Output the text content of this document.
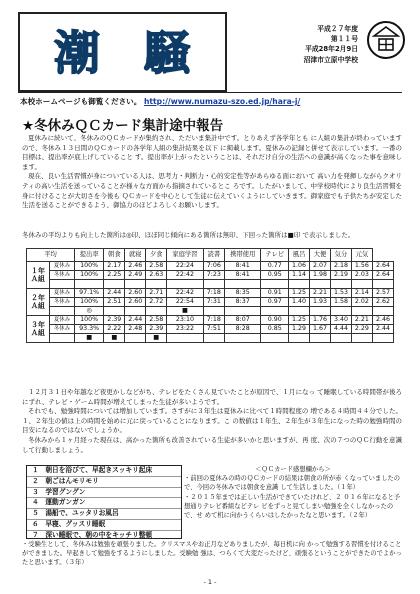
潮 騒	平成２７年度
第１１号
平成28年2月9日
沼津市立原中学校
本校ホームページも御覧ください。 http://www.numazu-szo.ed.jp/hara-j/
★冬休みＱＣカード集計途中報告

夏休みに続いて、冬休みのＱＣカードが集約され、ただいま集計中です。とりあえず各学年とも に人組の集計が終わっていますので、冬休み１３日間のＱＣカードの各学年人組の集計結果を以下 に掲載します。夏休みの記録と併せて表示しています。一番の目標は、提出率が底上げしていること す。提出率が上がったということは、それだけ自分の生活への意識が高くなった事を意味します。

現在、良い生活習慣が身についている人は、思考力・判断力・心的安定性等があらゆる面において 高い力を発揮しながらクオリティの高い生活を送っていることが様々な方面から指摘されているとこ ろです。したがいまして、中学校時代により良生活習慣を身に付けることが大切さを今後も ＱＣカードを中心として生徒に伝えていくようにしていきます。御家庭でも子供たちが安定した 生活を送ることができるよう、御協力のほどよろしくお願いします。

冬休みの平均よりも向上した箇所は◎印、ほぼ同じ傾向にある箇所は無印、下回った箇所は■印 で表示しました。
平均		提出率	朝食	就寝	夕食	家庭学習	読書	携帯使用	テレビ	風呂	大便	気分	元気	
１年
Ａ組	夏休み	100%	2.17	2.46	2.58	22:24	7:06	8:41	0.77	1.06	2.07	2.18	1.56	2.64
	冬休み	100%	2.25	2.49	2.63	22:42	7:23	8:41	0.95	1.14	1.98	2.19	2.03	2.64

２年
Ａ組	夏休み	97.1%	2.44	2.60	2.71	22:42	7:18	8:35	0.91	1.25	2.21	1.53	2.14	2.57
	冬休み	100%	2.51	2.60	2.72	22:54	7:31	8:37	0.97	1.40	1.93	1.58	2.02	2.62
		◎				■								
３年
Ａ組	夏休み	100%	2.39	2.44	2.58	23:10	7:18	8:07	0.90	1.25	1.76	3.40	2.21	2.46
	冬休み	93.3%	2.22	2.48	2.39	23:22	7:51	8:28	0.85	1.29	1.67	4.44	2.29	2.44
		■	■		■									

１２月３１日や年越など夜更かしなどがち、テレビをたくさん見ていたことが原因で、１月になっ て睡眠している時間帯が後ろにずれ、テレビ・ゲーム時間が増えてしまった生徒が多いようです。

それでも、勉強時間については増加しています。さすがに３年生は夏休みに比べて１時間程度の 増である４時間４４分でした。１、２年生の値は上の時間を始めに元に戻っていることになります。こ の数値は１年生、２年生が３年生になった時の勉強時間の目安になるのではないでしょうか。

冬休みから１ヶ月経った現在は、高かった箇所も改善されている生徒が多いかと思いますが、再 度、次の７つのＱＣ行動を意識して行動しましょう。

１　朝日を浴びて、早起きスッキリ起床
２　朝ごはんモリモリ
３　学習グングン
４　運動ガンガン
５　湯船で、ユッタリお風呂
６　早寝、グッスリ睡眠
７　深い睡眠で、朝の中をキッチリ整頓

＜ＱＣカード感想欄から＞

・前回の夏休みの時のＱＣカードの結果は朝食の所が赤 くなっていましたので、今回の冬休みでは朝食を意識 して生活しました。（１年）

・２０１５年までは正しい生活ができていたけれど、２ ０１６年になると予想通りテレビ番組などテレ ビをずっと見てしまい勉強を全くしなかったので、せ めて机に向かうくらいはしたかったなと思います。（２年）

・受験生として、冬休みは勉強を頑張りました。クリスマスやお正月などありましたが、毎日机に向 かって勉強する習慣を付けることができました。早起きして勉強をするようにしました。受験勉 強は、つらくて大変だったけど、頑張るということができたのでよかったと思います。（３年）

- 1 -
